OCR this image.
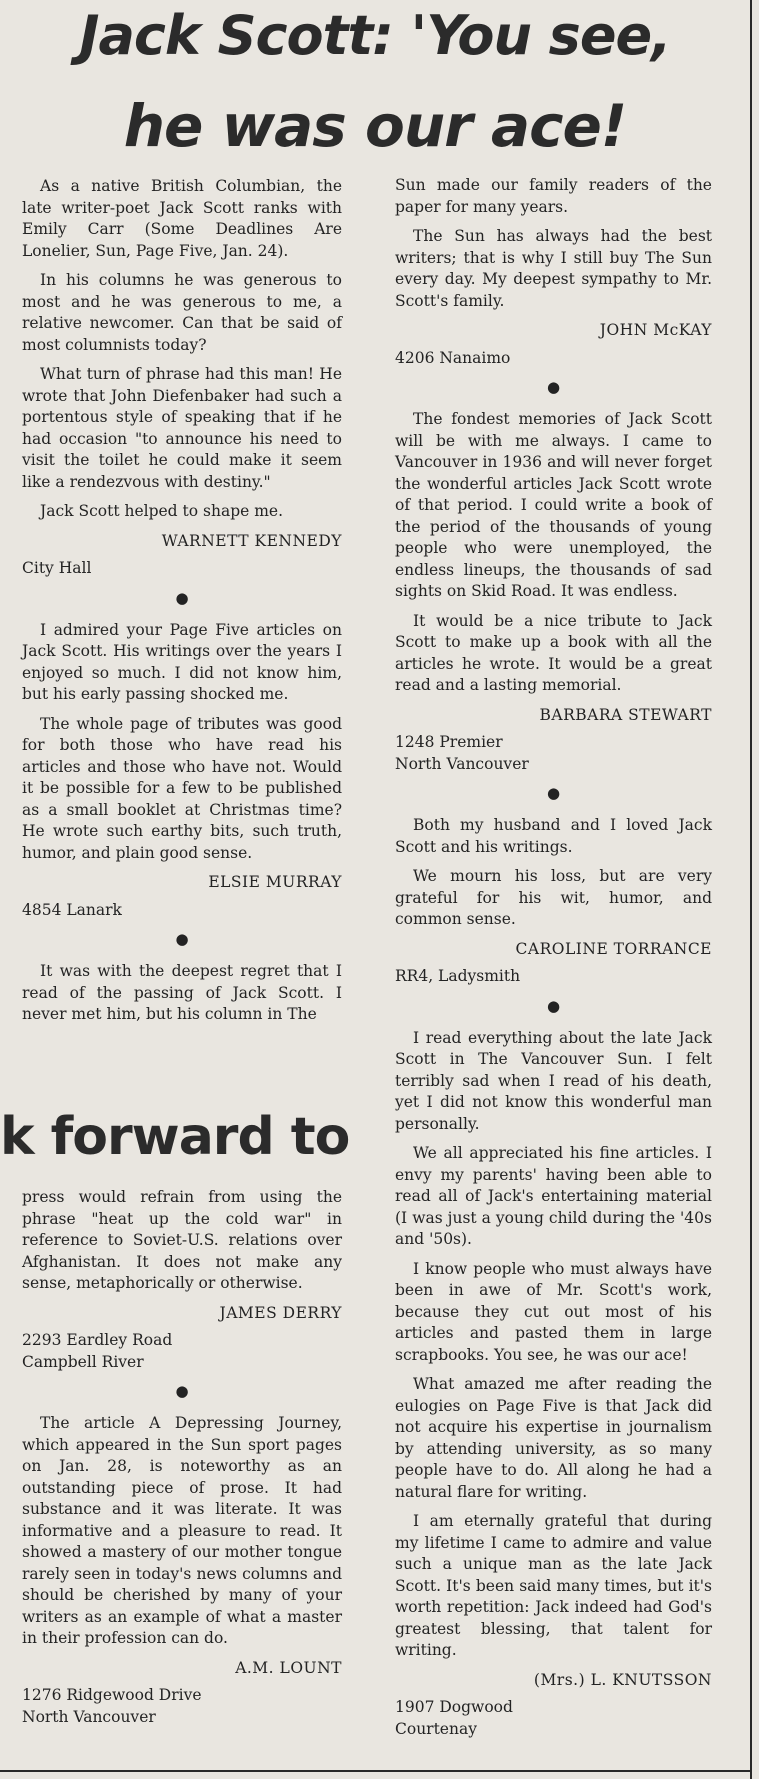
Jack Scott: 'You see,
he was our ace!

As a native British Columbian, the late writer-poet Jack Scott ranks with Emily Carr (Some Deadlines Are Lonelier, Sun, Page Five, Jan. 24).

In his columns he was generous to most and he was generous to me, a relative newcomer. Can that be said of most columnists today?

What turn of phrase had this man! He wrote that John Diefenbaker had such a portentous style of speaking that if he had occasion "to announce his need to visit the toilet he could make it seem like a rendezvous with destiny."

Jack Scott helped to shape me.

WARNETT KENNEDY

City Hall
●

I admired your Page Five articles on Jack Scott. His writings over the years I enjoyed so much. I did not know him, but his early passing shocked me.

The whole page of tributes was good for both those who have read his articles and those who have not. Would it be possible for a few to be published as a small booklet at Christmas time? He wrote such earthy bits, such truth, humor, and plain good sense.

ELSIE MURRAY

4854 Lanark
●

It was with the deepest regret that I read of the passing of Jack Scott. I never met him, but his column in The

k forward to

press would refrain from using the phrase "heat up the cold war" in reference to Soviet-U.S. relations over Afghanistan. It does not make any sense, metaphorically or otherwise.

JAMES DERRY

2293 Eardley Road
Campbell River
●

The article A Depressing Journey, which appeared in the Sun sport pages on Jan. 28, is noteworthy as an outstanding piece of prose. It had substance and it was literate. It was informative and a pleasure to read. It showed a mastery of our mother tongue rarely seen in today's news columns and should be cherished by many of your writers as an example of what a master in their profession can do.

A.M. LOUNT

1276 Ridgewood Drive
North Vancouver

Sun made our family readers of the paper for many years.

The Sun has always had the best writers; that is why I still buy The Sun every day. My deepest sympathy to Mr. Scott's family.

JOHN McKAY

4206 Nanaimo
●

The fondest memories of Jack Scott will be with me always. I came to Vancouver in 1936 and will never forget the wonderful articles Jack Scott wrote of that period. I could write a book of the period of the thousands of young people who were unemployed, the endless lineups, the thousands of sad sights on Skid Road. It was endless.

It would be a nice tribute to Jack Scott to make up a book with all the articles he wrote. It would be a great read and a lasting memorial.

BARBARA STEWART

1248 Premier
North Vancouver
●

Both my husband and I loved Jack Scott and his writings.

We mourn his loss, but are very grateful for his wit, humor, and common sense.

CAROLINE TORRANCE

RR4, Ladysmith
●

I read everything about the late Jack Scott in The Vancouver Sun. I felt terribly sad when I read of his death, yet I did not know this wonderful man personally.

We all appreciated his fine articles. I envy my parents' having been able to read all of Jack's entertaining material (I was just a young child during the '40s and '50s).

I know people who must always have been in awe of Mr. Scott's work, because they cut out most of his articles and pasted them in large scrapbooks. You see, he was our ace!

What amazed me after reading the eulogies on Page Five is that Jack did not acquire his expertise in journalism by attending university, as so many people have to do. All along he had a natural flare for writing.

I am eternally grateful that during my lifetime I came to admire and value such a unique man as the late Jack Scott. It's been said many times, but it's worth repetition: Jack indeed had God's greatest blessing, that talent for writing.

(Mrs.) L. KNUTSSON

1907 Dogwood
Courtenay
